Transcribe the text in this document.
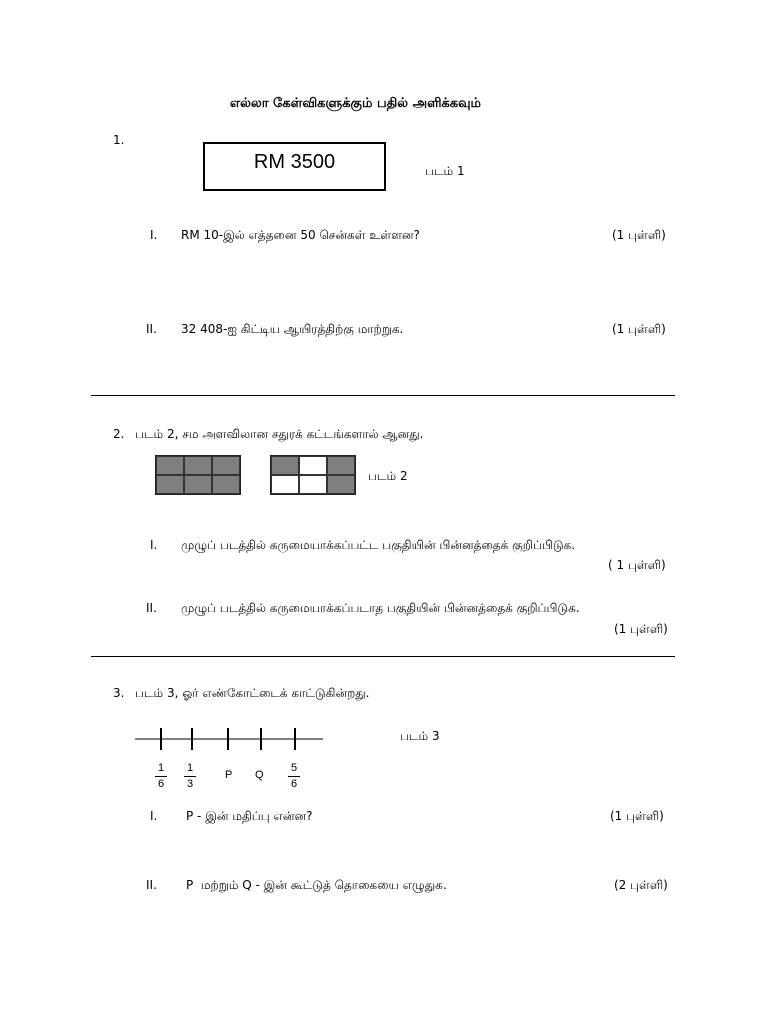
எல்லா கேள்விகளுக்கும் பதில் அளிக்கவும்
1.
RM 3500	படம் 1
I. RM 10-இல் எத்தனை 50 சென்கள் உள்ளன?	(1 புள்ளி)
II. 32 408-ஐ கிட்டிய ஆயிரத்திற்கு மாற்றுக.	(1 புள்ளி)
2. படம் 2, சம அளவிலான சதுரக் கட்டங்களால் ஆனது.
படம் 2
I. முழுப் படத்தில் கருமையாக்கப்பட்ட பகுதியின் பின்னத்தைக் குறிப்பிடுக.
( 1 புள்ளி)
II. முழுப் படத்தில் கருமையாக்கப்படாத பகுதியின் பின்னத்தைக் குறிப்பிடுக.
(1 புள்ளி)
3. படம் 3, ஓர் எண்கோட்டைக் காட்டுகின்றது.
1
6
1
3
P Q
5
6
படம் 3
I. P - இன் மதிப்பு என்ன?	(1 புள்ளி)
II. P  மற்றும் Q - இன் கூட்டுத் தொகையை எழுதுக.	(2 புள்ளி)
